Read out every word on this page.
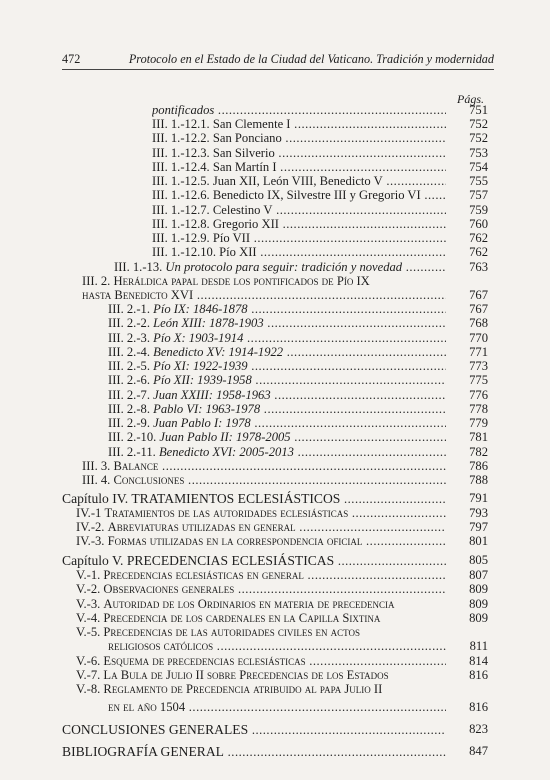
472	Protocolo en el Estado de la Ciudad del Vaticano. Tradición y modernidad
Págs.
pontificados .....	751
III. 1.-12.1. San Clemente I .....	752
III. 1.-12.2. San Ponciano .....	752
III. 1.-12.3. San Silverio .....	753
III. 1.-12.4. San Martín I .....	754
III. 1.-12.5. Juan XII, León VIII, Benedicto V .....	755
III. 1.-12.6. Benedicto IX, Silvestre III y Gregorio VI .....	757
III. 1.-12.7. Celestino V .....	759
III. 1.-12.8. Gregorio XII .....	760
III. 1.-12.9. Pío VII .....	762
III. 1.-12.10. Pío XII .....	762
III. 1.-13. Un protocolo para seguir: tradición y novedad .....	763
III. 2. Heráldica papal desde los pontificados de Pío IX
hasta Benedicto XVI .....	767
III. 2.-1. Pío IX: 1846-1878 .....	767
III. 2.-2. León XIII: 1878-1903 .....	768
III. 2.-3. Pío X: 1903-1914 .....	770
III. 2.-4. Benedicto XV: 1914-1922 .....	771
III. 2.-5. Pío XI: 1922-1939 .....	773
III. 2.-6. Pío XII: 1939-1958 .....	775
III. 2.-7. Juan XXIII: 1958-1963 .....	776
III. 2.-8. Pablo VI: 1963-1978 .....	778
III. 2.-9. Juan Pablo I: 1978 .....	779
III. 2.-10. Juan Pablo II: 1978-2005 .....	781
III. 2.-11. Benedicto XVI: 2005-2013 .....	782
III. 3. Balance .....	786
III. 4. Conclusiones .....	788
Capítulo IV. TRATAMIENTOS ECLESIÁSTICOS .....	791
IV.-1 Tratamientos de las autoridades eclesiásticas .....	793
IV.-2. Abreviaturas utilizadas en general .....	797
IV.-3. Formas utilizadas en la correspondencia oficial .....	801
Capítulo V. PRECEDENCIAS ECLESIÁSTICAS .....	805
V.-1. Precedencias eclesiásticas en general .....	807
V.-2. Observaciones generales .....	809
V.-3. Autoridad de los Ordinarios en materia de precedencia	809
V.-4. Precedencia de los cardenales en la Capilla Sixtina	809
V.-5. Precedencias de las autoridades civiles en actos
religiosos católicos .....	811
V.-6. Esquema de precedencias eclesiásticas .....	814
V.-7. La Bula de Julio II sobre Precedencias de los Estados	816
V.-8. Reglamento de Precedencia atribuido al papa Julio II
en el año 1504 .....	816
CONCLUSIONES GENERALES .....	823
BIBLIOGRAFÍA GENERAL .....	847
